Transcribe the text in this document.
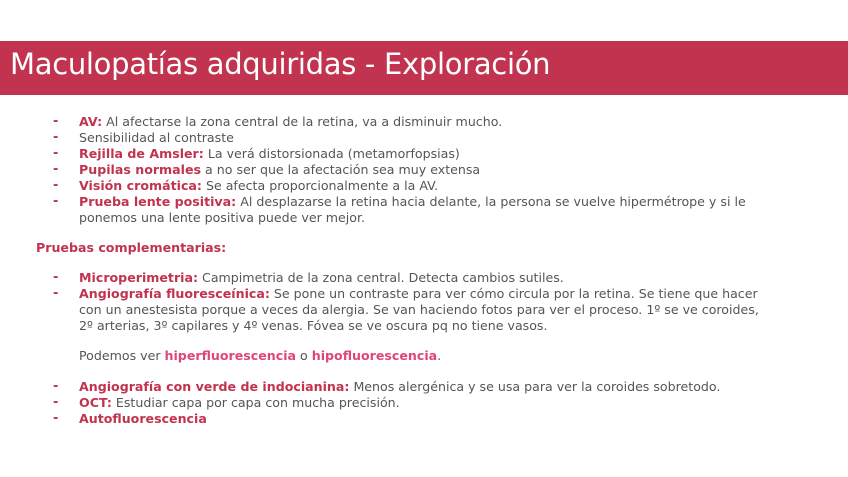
Maculopatías adquiridas - Exploración
- AV: Al afectarse la zona central de la retina, va a disminuir mucho.
- Sensibilidad al contraste
- Rejilla de Amsler: La verá distorsionada (metamorfopsias)
- Pupilas normales a no ser que la afectación sea muy extensa
- Visión cromática: Se afecta proporcionalmente a la AV.
- Prueba lente positiva: Al desplazarse la retina hacia delante, la persona se vuelve hipermétrope y si le
ponemos una lente positiva puede ver mejor.
Pruebas complementarias:
- Microperimetria: Campimetria de la zona central. Detecta cambios sutiles.
- Angiografía fluoresceínica: Se pone un contraste para ver cómo circula por la retina. Se tiene que hacer
con un anestesista porque a veces da alergia. Se van haciendo fotos para ver el proceso. 1º se ve coroides,
2º arterias, 3º capilares y 4º venas. Fóvea se ve oscura pq no tiene vasos.
Podemos ver hiperfluorescencia o hipofluorescencia.
- Angiografía con verde de indocianina: Menos alergénica y se usa para ver la coroides sobretodo.
- OCT: Estudiar capa por capa con mucha precisión.
- Autofluorescencia
